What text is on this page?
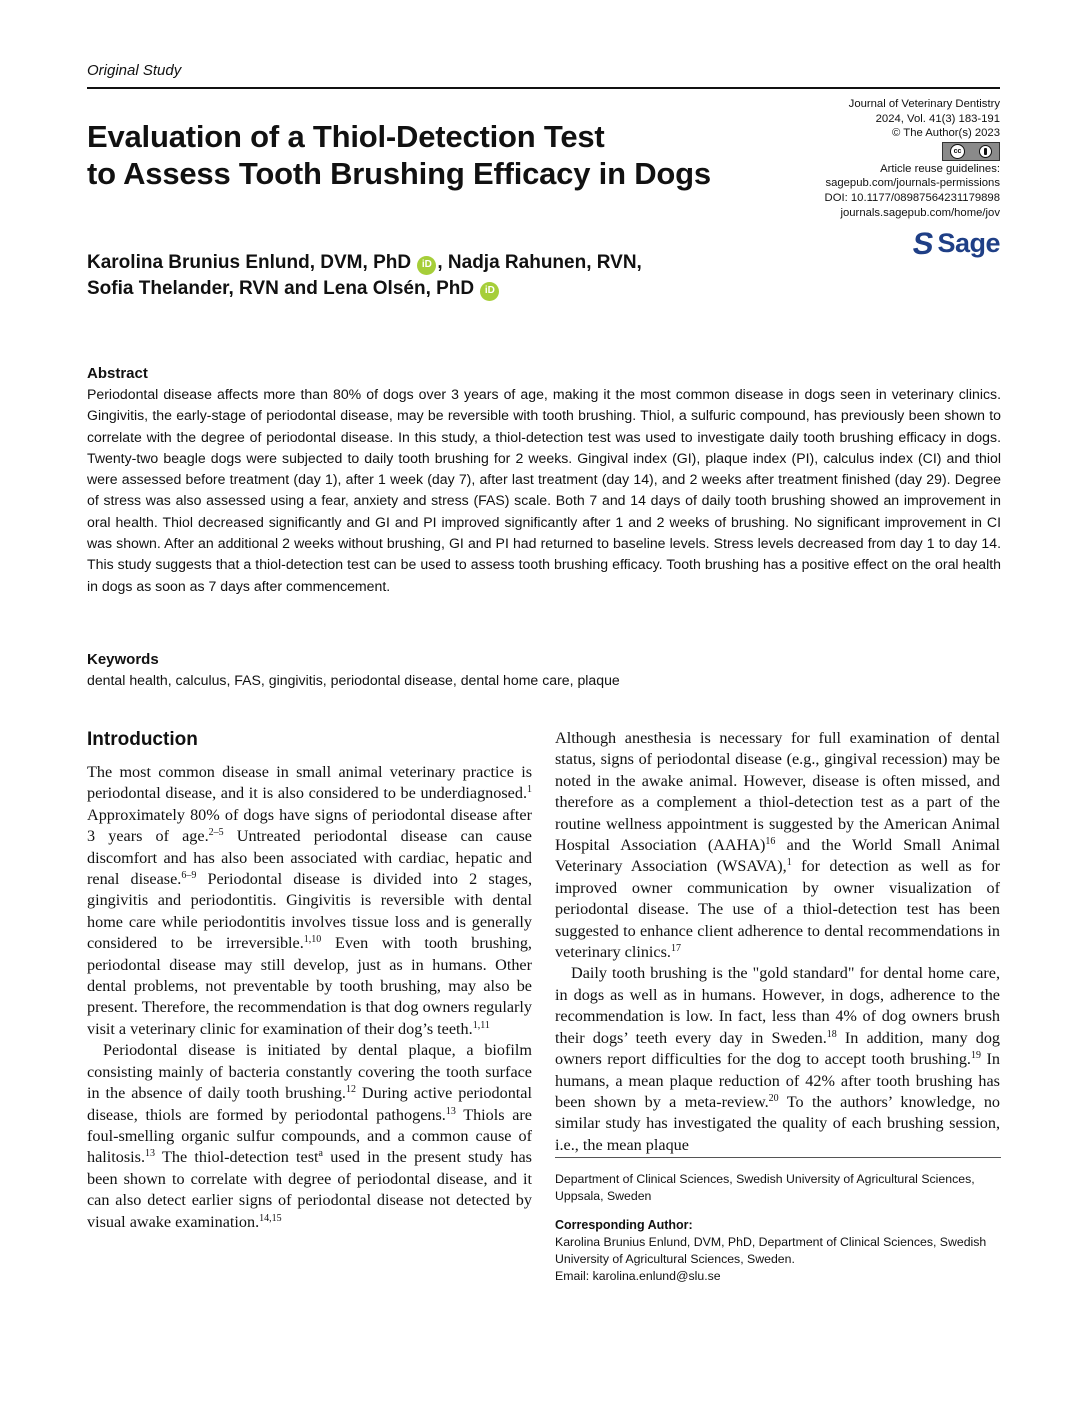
Original Study
Evaluation of a Thiol-Detection Test
to Assess Tooth Brushing Efficacy in Dogs
Journal of Veterinary Dentistry
2024, Vol. 41(3) 183-191
© The Author(s) 2023
cc
Article reuse guidelines:
sagepub.com/journals-permissions
DOI: 10.1177/08987564231179898
journals.sagepub.com/home/jov
S Sage
Karolina Brunius Enlund, DVM, PhD iD , Nadja Rahunen, RVN,
Sofia Thelander, RVN and Lena Olsén, PhD iD
Abstract

Periodontal disease affects more than 80% of dogs over 3 years of age, making it the most common disease in dogs seen in veterinary clinics. Gingivitis, the early-stage of periodontal disease, may be reversible with tooth brushing. Thiol, a sulfuric compound, has previously been shown to correlate with the degree of periodontal disease. In this study, a thiol-detection test was used to investigate daily tooth brushing efficacy in dogs. Twenty-two beagle dogs were subjected to daily tooth brushing for 2 weeks. Gingival index (GI), plaque index (PI), calculus index (CI) and thiol were assessed before treatment (day 1), after 1 week (day 7), after last treatment (day 14), and 2 weeks after treatment finished (day 29). Degree of stress was also assessed using a fear, anxiety and stress (FAS) scale. Both 7 and 14 days of daily tooth brushing showed an improvement in oral health. Thiol decreased significantly and GI and PI improved significantly after 1 and 2 weeks of brushing. No significant improvement in CI was shown. After an additional 2 weeks without brushing, GI and PI had returned to baseline levels. Stress levels decreased from day 1 to day 14. This study suggests that a thiol-detection test can be used to assess tooth brushing efficacy. Tooth brushing has a positive effect on the oral health in dogs as soon as 7 days after commencement.

Keywords

dental health, calculus, FAS, gingivitis, periodontal disease, dental home care, plaque

Introduction

The most common disease in small animal veterinary practice is periodontal disease, and it is also considered to be underdiagnosed.$^1$ Approximately 80% of dogs have signs of periodontal disease after 3 years of age.$^{2-5}$ Untreated periodontal disease can cause discomfort and has also been associated with cardiac, hepatic and renal disease.$^{6-9}$ Periodontal disease is divided into 2 stages, gingivitis and periodontitis. Gingivitis is reversible with dental home care while periodontitis involves tissue loss and is generally considered to be irreversible.$^{1,10}$ Even with tooth brushing, periodontal disease may still develop, just as in humans. Other dental problems, not preventable by tooth brushing, may also be present. Therefore, the recommendation is that dog owners regularly visit a veterinary clinic for examination of their dog’s teeth.$^{1,11}$

Periodontal disease is initiated by dental plaque, a biofilm consisting mainly of bacteria constantly covering the tooth surface in the absence of daily tooth brushing.$^{12}$ During active periodontal disease, thiols are formed by periodontal pathogens.$^{13}$ Thiols are foul-smelling organic sulfur compounds, and a common cause of halitosis.$^{13}$ The thiol-detection test$^a$ used in the present study has been shown to correlate with degree of periodontal disease, and it can also detect earlier signs of periodontal disease not detected by visual awake examination.$^{14,15}$

Department of Clinical Sciences, Swedish University of Agricultural Sciences, Uppsala, Sweden

Corresponding Author:

Karolina Brunius Enlund, DVM, PhD, Department of Clinical Sciences, Swedish University of Agricultural Sciences, Sweden.

Email: karolina.enlund@slu.se

Although anesthesia is necessary for full examination of dental status, signs of periodontal disease (e.g., gingival recession) may be noted in the awake animal. However, disease is often missed, and therefore as a complement a thiol-detection test as a part of the routine wellness appointment is suggested by the American Animal Hospital Association (AAHA)$^{16}$ and the World Small Animal Veterinary Association (WSAVA),$^1$ for detection as well as for improved owner communication by owner visualization of periodontal disease. The use of a thiol-detection test has been suggested to enhance client adherence to dental recommendations in veterinary clinics.$^{17}$

Daily tooth brushing is the "gold standard" for dental home care, in dogs as well as in humans. However, in dogs, adherence to the recommendation is low. In fact, less than 4% of dog owners brush their dogs’ teeth every day in Sweden.$^{18}$ In addition, many dog owners report difficulties for the dog to accept tooth brushing.$^{19}$ In humans, a mean plaque reduction of 42% after tooth brushing has been shown by a meta-review.$^{20}$ To the authors’ knowledge, no similar study has investigated the quality of each brushing session, i.e., the mean plaque
